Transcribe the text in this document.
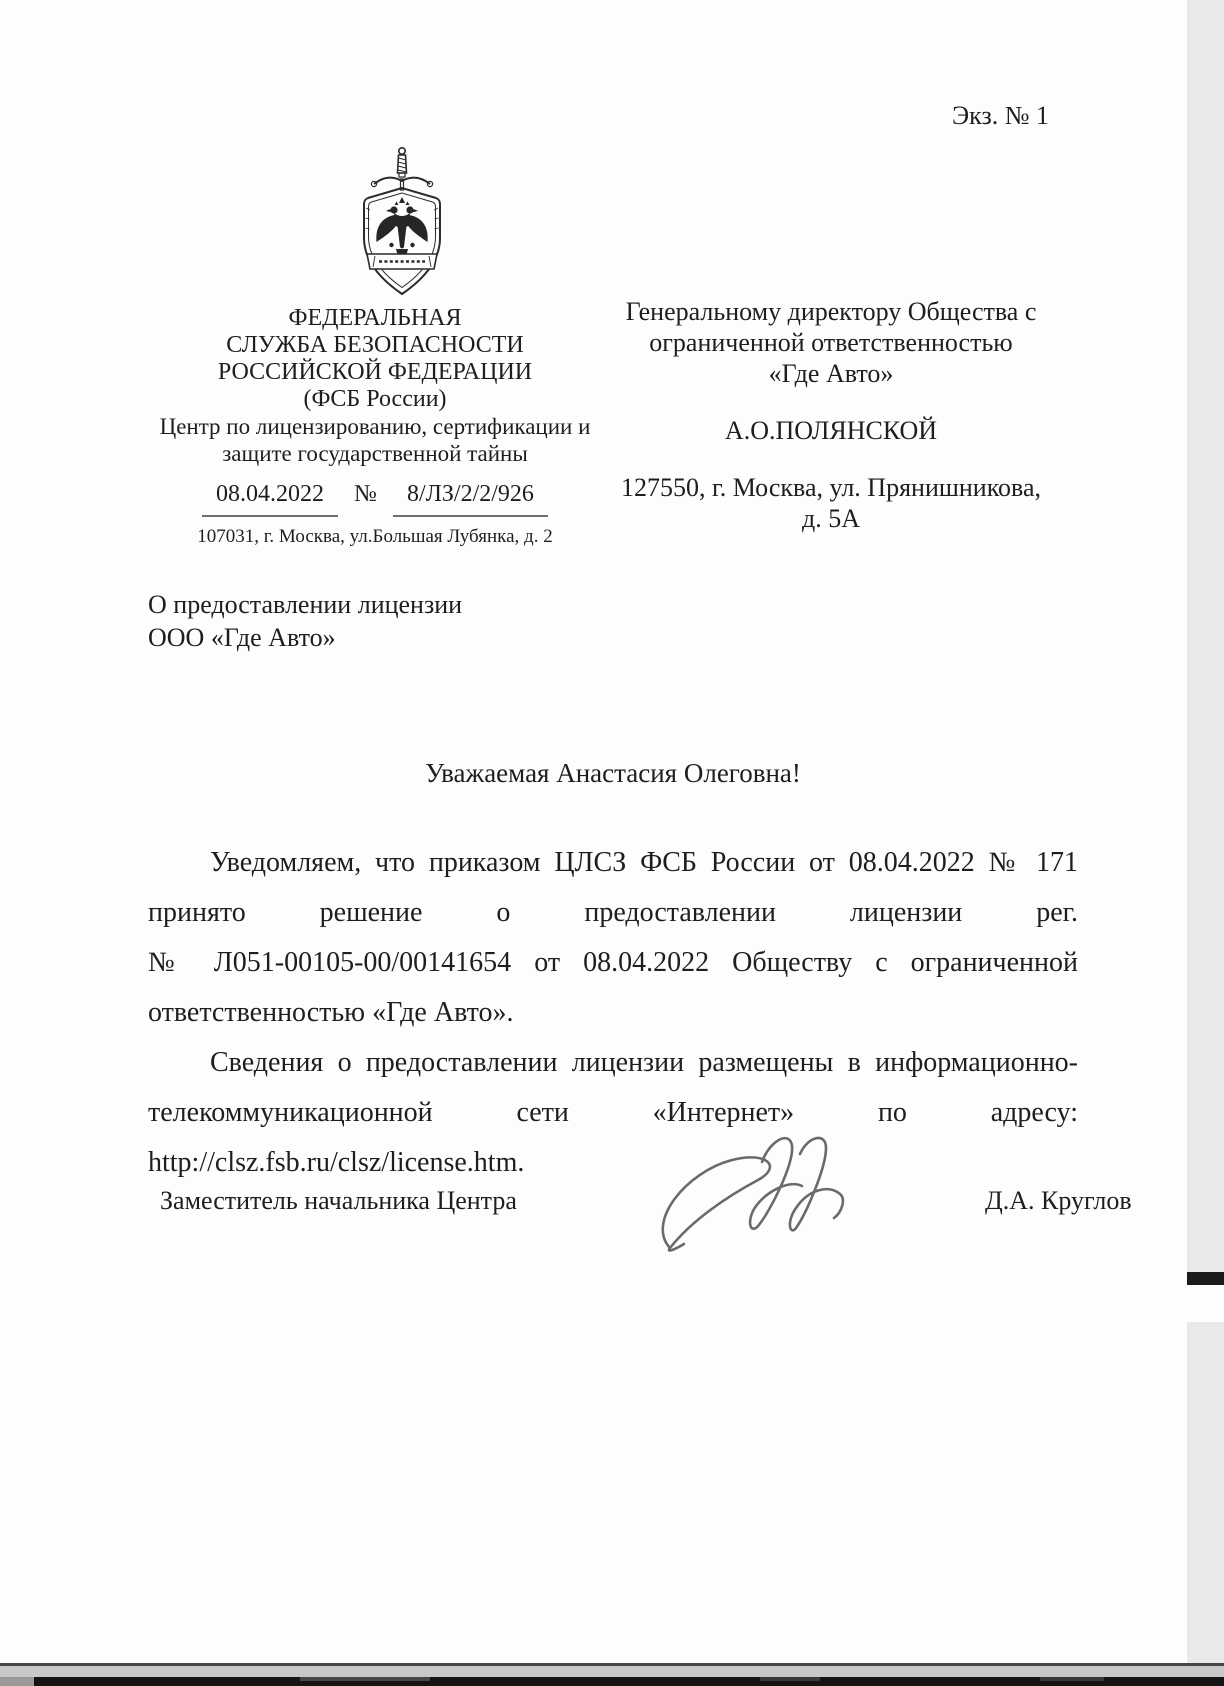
Экз. № 1
ФЕДЕРАЛЬНАЯ
СЛУЖБА БЕЗОПАСНОСТИ
РОССИЙСКОЙ ФЕДЕРАЦИИ
(ФСБ России)
Центр по лицензированию, сертификации и
защите государственной тайны
08.04.2022	№	8/ЛЗ/2/2/926
107031, г. Москва, ул.Большая Лубянка, д. 2
Генеральному директору Общества с
ограниченной ответственностью
«Где Авто»
А.О.ПОЛЯНСКОЙ
127550, г. Москва, ул. Прянишникова,
д. 5А
О предоставлении лицензии
ООО «Где Авто»
Уважаемая Анастасия Олеговна!

Уведомляем, что приказом ЦЛСЗ ФСБ России от 08.04.2022 № 171 принято решение о предоставлении лицензии рег. № Л051-00105-00/00141654 от 08.04.2022 Обществу с ограниченной ответственностью «Где Авто».

Сведения о предоставлении лицензии размещены в информационно-телекоммуникационной сети «Интернет» по адресу: http://clsz.fsb.ru/clsz/license.htm.

Заместитель начальника Центра	Д.А. Круглов
